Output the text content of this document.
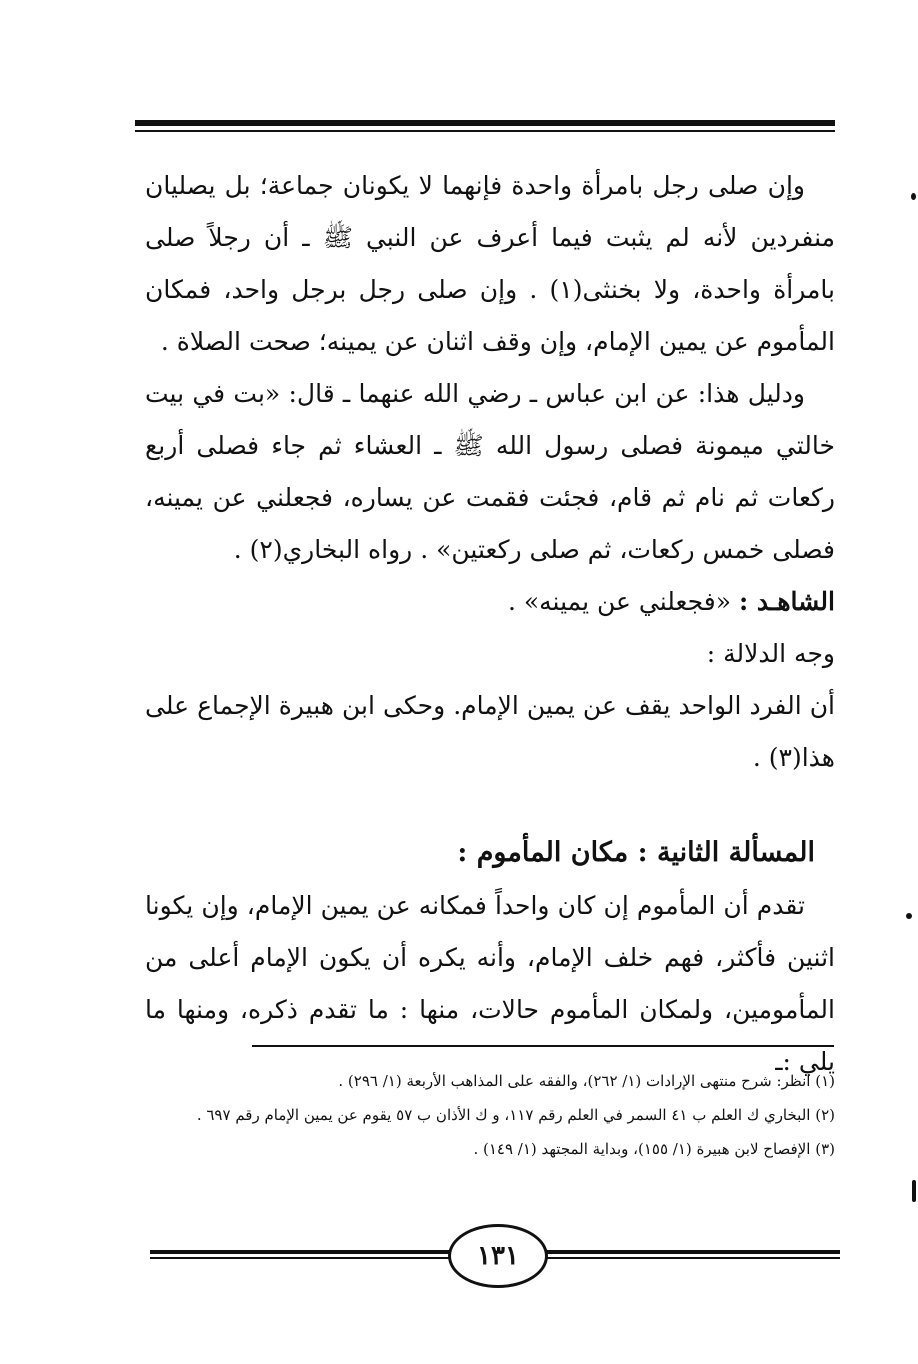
وإن صلى رجل بامرأة واحدة فإنهما لا يكونان جماعة؛ بل يصليان منفردين لأنه لم يثبت فيما أعرف عن النبي ﷺ ـ أن رجلاً صلى بامرأة واحدة، ولا بخنثى(١) . وإن صلى رجل برجل واحد، فمكان المأموم عن يمين الإمام، وإن وقف اثنان عن يمينه؛ صحت الصلاة .

ودليل هذا: عن ابن عباس ـ رضي الله عنهما ـ قال: «بت في بيت خالتي ميمونة فصلى رسول الله ﷺ ـ العشاء ثم جاء فصلى أربع ركعات ثم نام ثم قام، فجئت فقمت عن يساره، فجعلني عن يمينه، فصلى خمس ركعات، ثم صلى ركعتين» . رواه البخاري(٢) .

الشاهـد : «فجعلني عن يمينه» .

وجه الدلالة :

أن الفرد الواحد يقف عن يمين الإمام. وحكى ابن هبيرة الإجماع على هذا(٣) .

المسألة الثانية : مكان المأموم :

تقدم أن المأموم إن كان واحداً فمكانه عن يمين الإمام، وإن يكونا اثنين فأكثر، فهم خلف الإمام، وأنه يكره أن يكون الإمام أعلى من المأمومين، ولمكان المأموم حالات، منها : ما تقدم ذكره، ومنها ما يلي :ـ

(١) انظر: شرح منتهى الإرادات (١/ ٢٦٢)، والفقه على المذاهب الأربعة (١/ ٢٩٦) .

(٢) البخاري ك العلم ب ٤١ السمر في العلم رقم ١١٧، و ك الأذان ب ٥٧ يقوم عن يمين الإمام رقم ٦٩٧ .

(٣) الإفصاح لابن هبيرة (١/ ١٥٥)، وبداية المجتهد (١/ ١٤٩) .

١٣١
